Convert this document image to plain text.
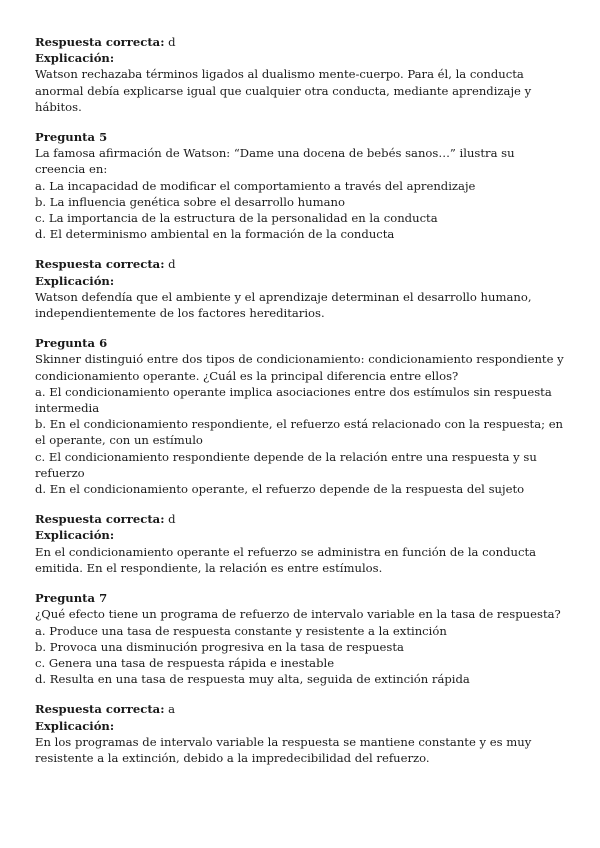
Respuesta correcta: d
Explicación:
Watson rechazaba términos ligados al dualismo mente-cuerpo. Para él, la conducta anormal debía explicarse igual que cualquier otra conducta, mediante aprendizaje y hábitos.
Pregunta 5
La famosa afirmación de Watson: “Dame una docena de bebés sanos…” ilustra su creencia en:
a. La incapacidad de modificar el comportamiento a través del aprendizaje
b. La influencia genética sobre el desarrollo humano
c. La importancia de la estructura de la personalidad en la conducta
d. El determinismo ambiental en la formación de la conducta
Respuesta correcta: d
Explicación:
Watson defendía que el ambiente y el aprendizaje determinan el desarrollo humano, independientemente de los factores hereditarios.
Pregunta 6
Skinner distinguió entre dos tipos de condicionamiento: condicionamiento respondiente y condicionamiento operante. ¿Cuál es la principal diferencia entre ellos?
a. El condicionamiento operante implica asociaciones entre dos estímulos sin respuesta intermedia
b. En el condicionamiento respondiente, el refuerzo está relacionado con la respuesta; en el operante, con un estímulo
c. El condicionamiento respondiente depende de la relación entre una respuesta y su refuerzo
d. En el condicionamiento operante, el refuerzo depende de la respuesta del sujeto
Respuesta correcta: d
Explicación:
En el condicionamiento operante el refuerzo se administra en función de la conducta emitida. En el respondiente, la relación es entre estímulos.
Pregunta 7
¿Qué efecto tiene un programa de refuerzo de intervalo variable en la tasa de respuesta?
a. Produce una tasa de respuesta constante y resistente a la extinción
b. Provoca una disminución progresiva en la tasa de respuesta
c. Genera una tasa de respuesta rápida e inestable
d. Resulta en una tasa de respuesta muy alta, seguida de extinción rápida
Respuesta correcta: a
Explicación:
En los programas de intervalo variable la respuesta se mantiene constante y es muy resistente a la extinción, debido a la impredecibilidad del refuerzo.
